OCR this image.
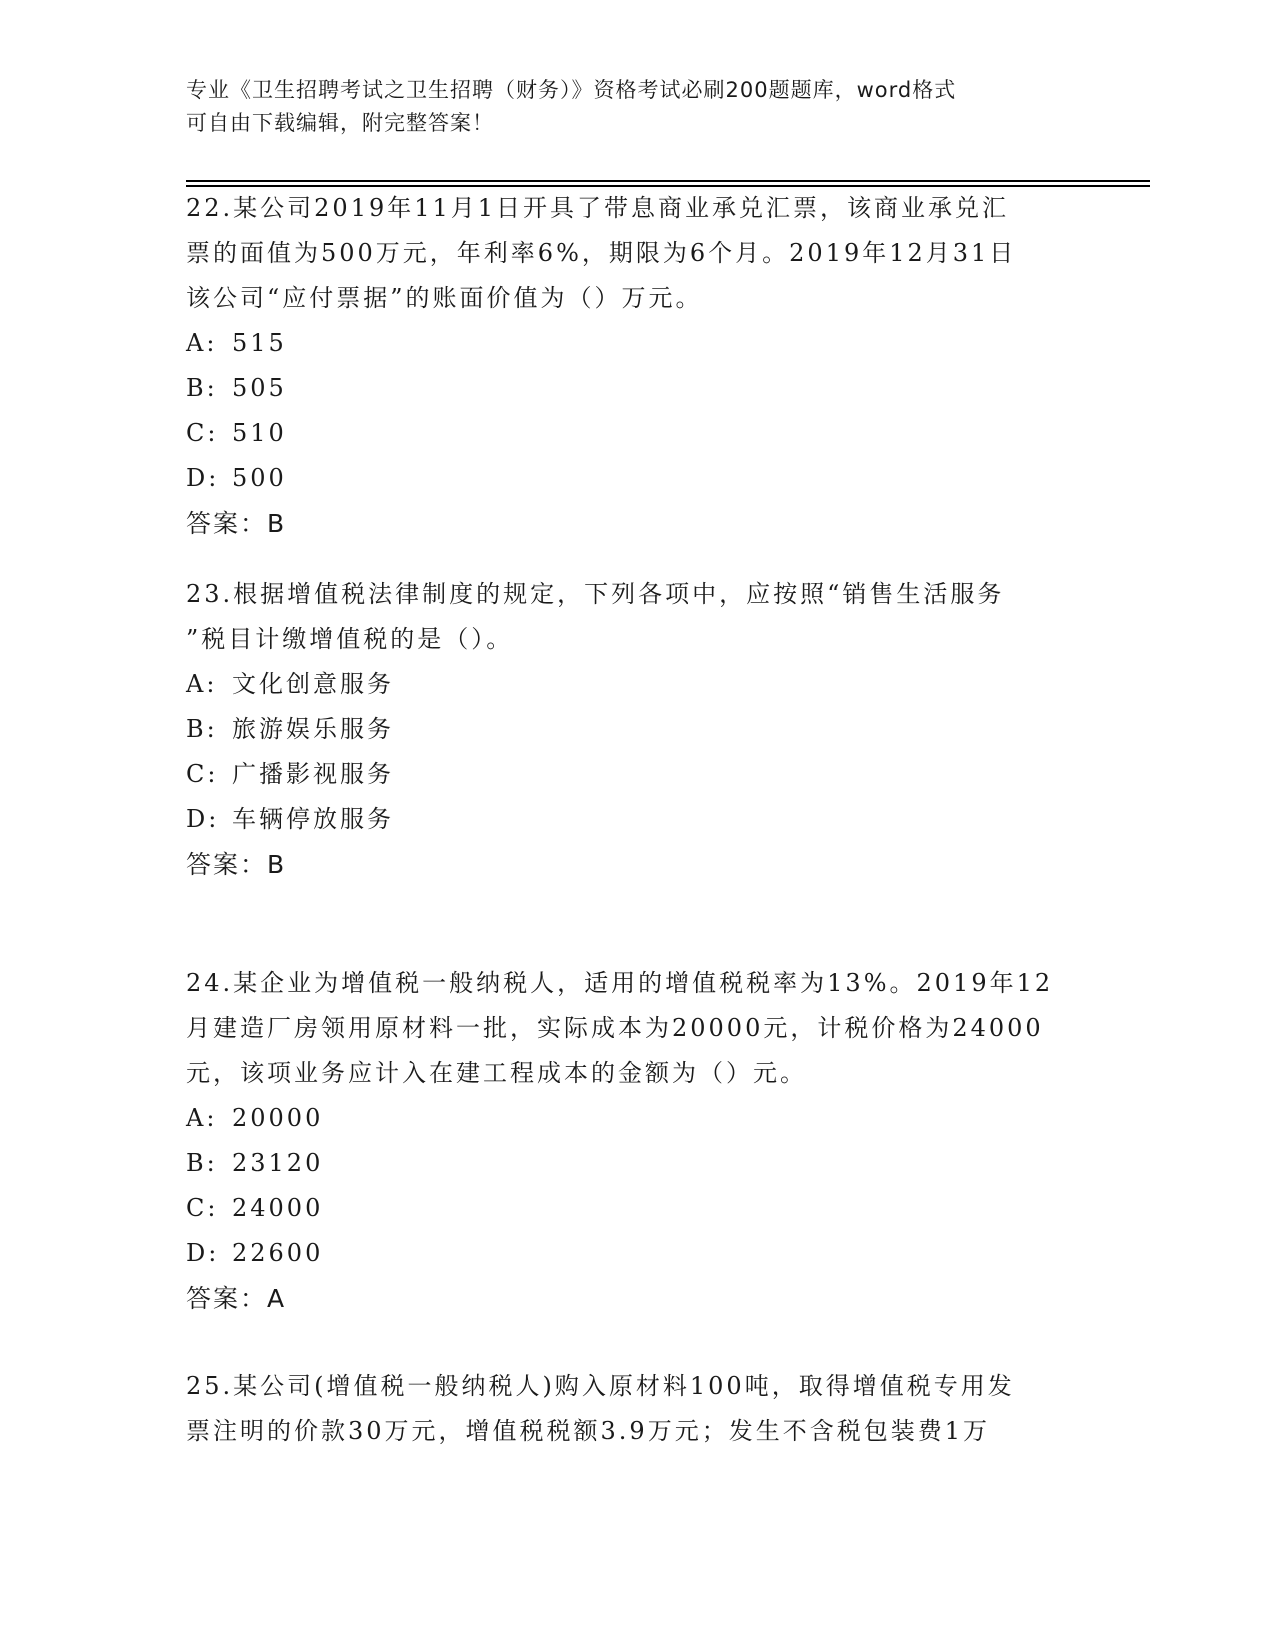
专业《卫生招聘考试之卫生招聘（财务）》资格考试必刷200题题库，word格式
可自由下载编辑，附完整答案！
22.某公司2019年11月1日开具了带息商业承兑汇票，该商业承兑汇
票的面值为500万元，年利率6%，期限为6个月。2019年12月31日
该公司“应付票据”的账面价值为（）万元。
A: 515
B: 505
C: 510
D: 500
答案：B
23.根据增值税法律制度的规定，下列各项中，应按照“销售生活服务
”税目计缴增值税的是（）。
A: 文化创意服务
B: 旅游娱乐服务
C: 广播影视服务
D: 车辆停放服务
答案：B
24.某企业为增值税一般纳税人，适用的增值税税率为13%。2019年12
月建造厂房领用原材料一批，实际成本为20000元，计税价格为24000
元，该项业务应计入在建工程成本的金额为（）元。
A: 20000
B: 23120
C: 24000
D: 22600
答案：A
25.某公司(增值税一般纳税人)购入原材料100吨，取得增值税专用发
票注明的价款30万元，增值税税额3.9万元；发生不含税包装费1万
